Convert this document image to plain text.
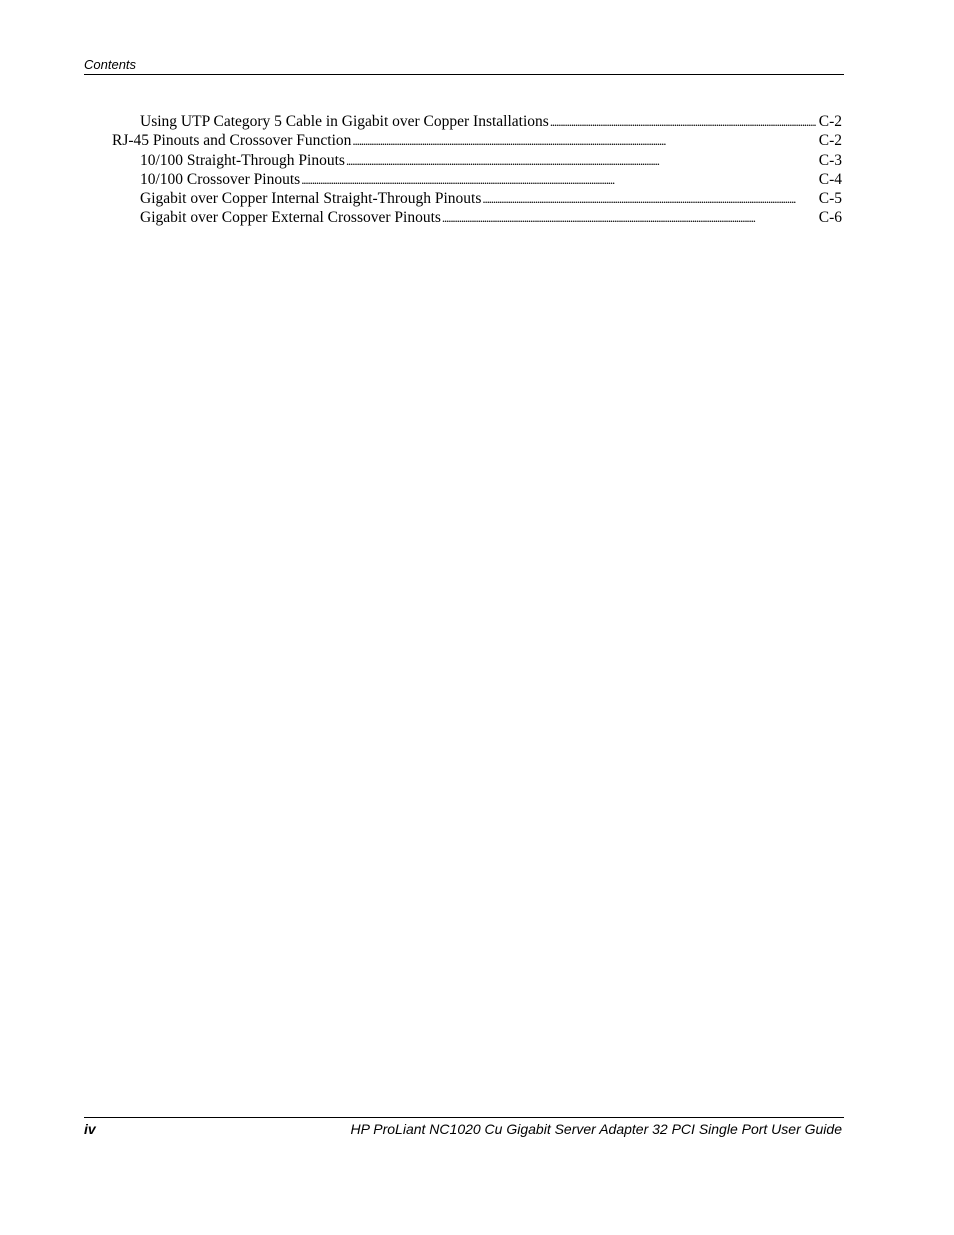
Contents
Using UTP Category 5 Cable in Gigabit over Copper Installations . . .	C-2
RJ-45 Pinouts and Crossover Function . . .	C-2
10/100 Straight-Through Pinouts . . .	C-3
10/100 Crossover Pinouts . . .	C-4
Gigabit over Copper Internal Straight-Through Pinouts . . .	C-5
Gigabit over Copper External Crossover Pinouts . . .	C-6
iv	HP ProLiant NC1020 Cu Gigabit Server Adapter 32 PCI Single Port User Guide
